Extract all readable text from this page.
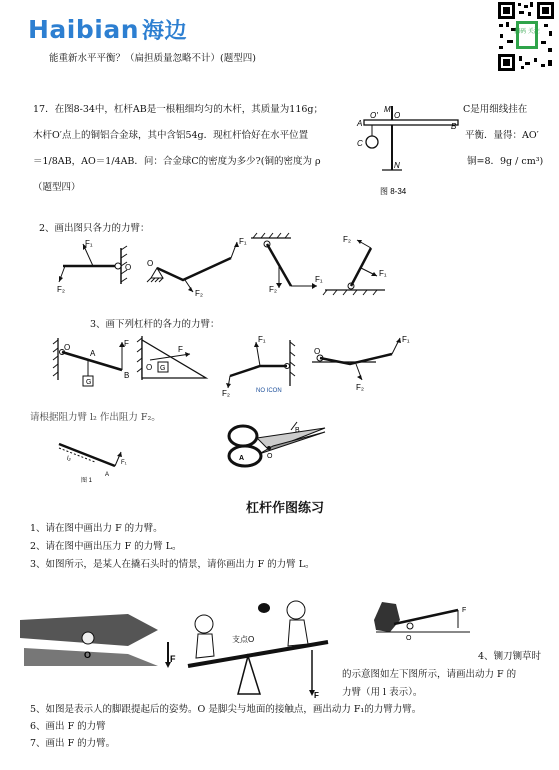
Haibian 海边	扫码 关注
能重新水平平衡？（扁担质量忽略不计）(题型四)
17．在图8-34中，杠杆AB是一根粗细均匀的木杆，其质量为116g；
木杆O′点上的铜铝合金球，其中含铝54g．现杠杆恰好在水平位置
＝1/8AB，AO＝1/4AB．问：合金球C的密度为多少?(铜的密度为 ρ
（题型四）
C是用细线挂在
平衡．量得：AO′
铜=8．9g / cm³)
M
A
O′ O
B
C
N
图 8-34
2、画出图只各力的力臂：
F₁
F₂
O O
F₁
F₂	F₂
F₁
F₂
F₁
3、画下列杠杆的各力的力臂：
O
A
B
G
F
O G
F
F₁
F₂	NO ICON
O
F₁
F₂
请根据阻力臂 l₂ 作出阻力 F₂。
l₂
A
F₁
图 1
B
A	O
杠杆作图练习
1、请在图中画出力 F 的力臂。
2、请在图中画出压力 F 的力臂 L。
3、如图所示，是某人在撬石头时的情景，请你画出力 F 的力臂 L。
O	F
支点O
F
O
F
4、铡刀铡草时
的示意图如左下图所示，请画出动力 F 的
力臂（用 l 表示）。
5、如图是表示人的脚跟提起后的姿势。O 是脚尖与地面的接触点，画出动力 F₁的力臂力臂。
6、画出 F 的力臂
7、画出 F 的力臂。
